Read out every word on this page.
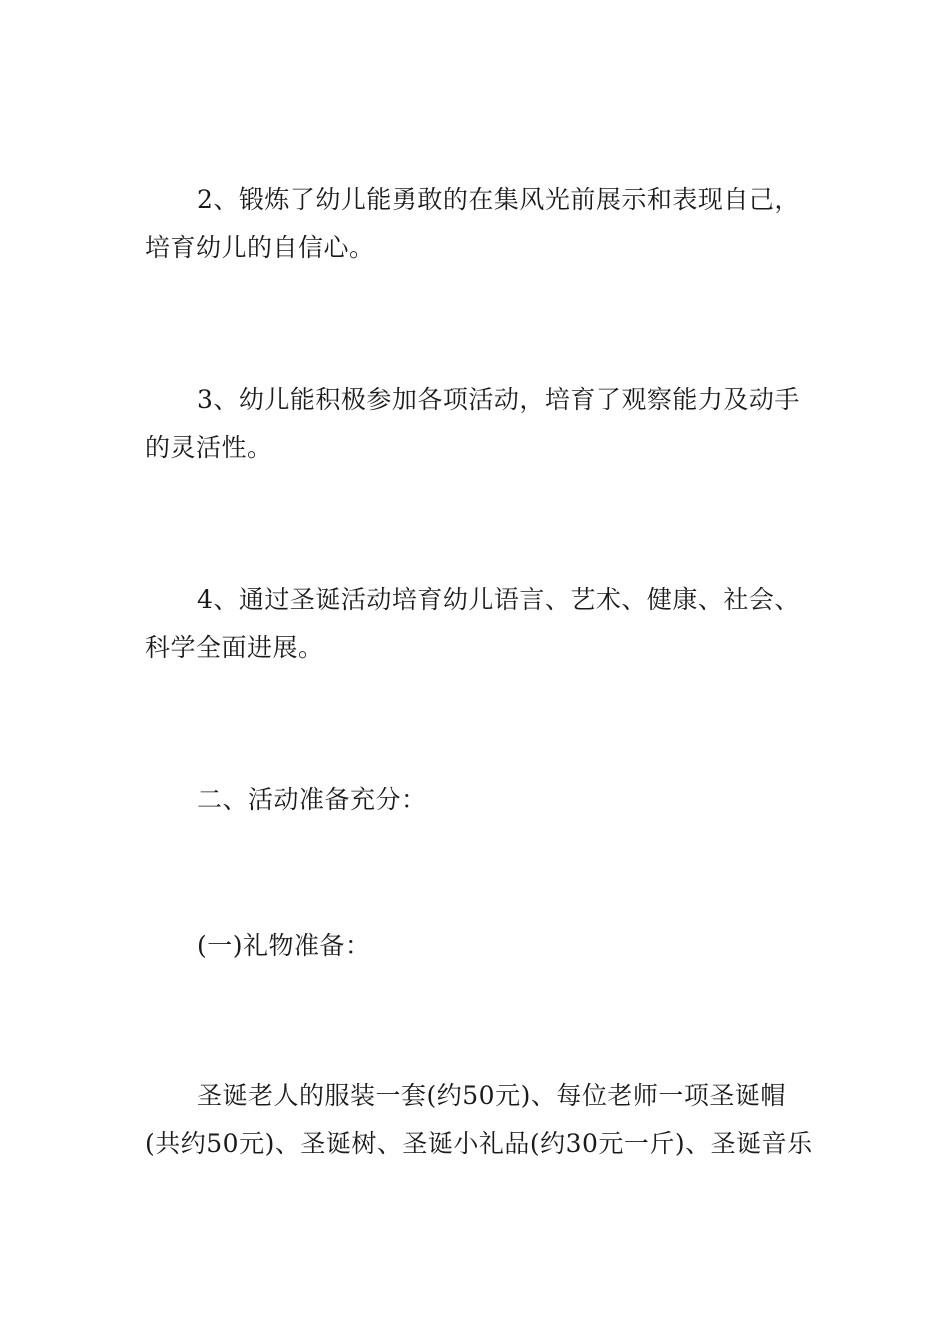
2、锻炼了幼儿能勇敢的在集风光前展示和表现自己，培育幼儿的自信心。

3、幼儿能积极参加各项活动，培育了观察能力及动手的灵活性。

4、通过圣诞活动培育幼儿语言、艺术、健康、社会、科学全面进展。

二、活动准备充分：

(一)礼物准备：

圣诞老人的服装一套(约50元)、每位老师一项圣诞帽(共约50元)、圣诞树、圣诞小礼品(约30元一斤)、圣诞音乐
